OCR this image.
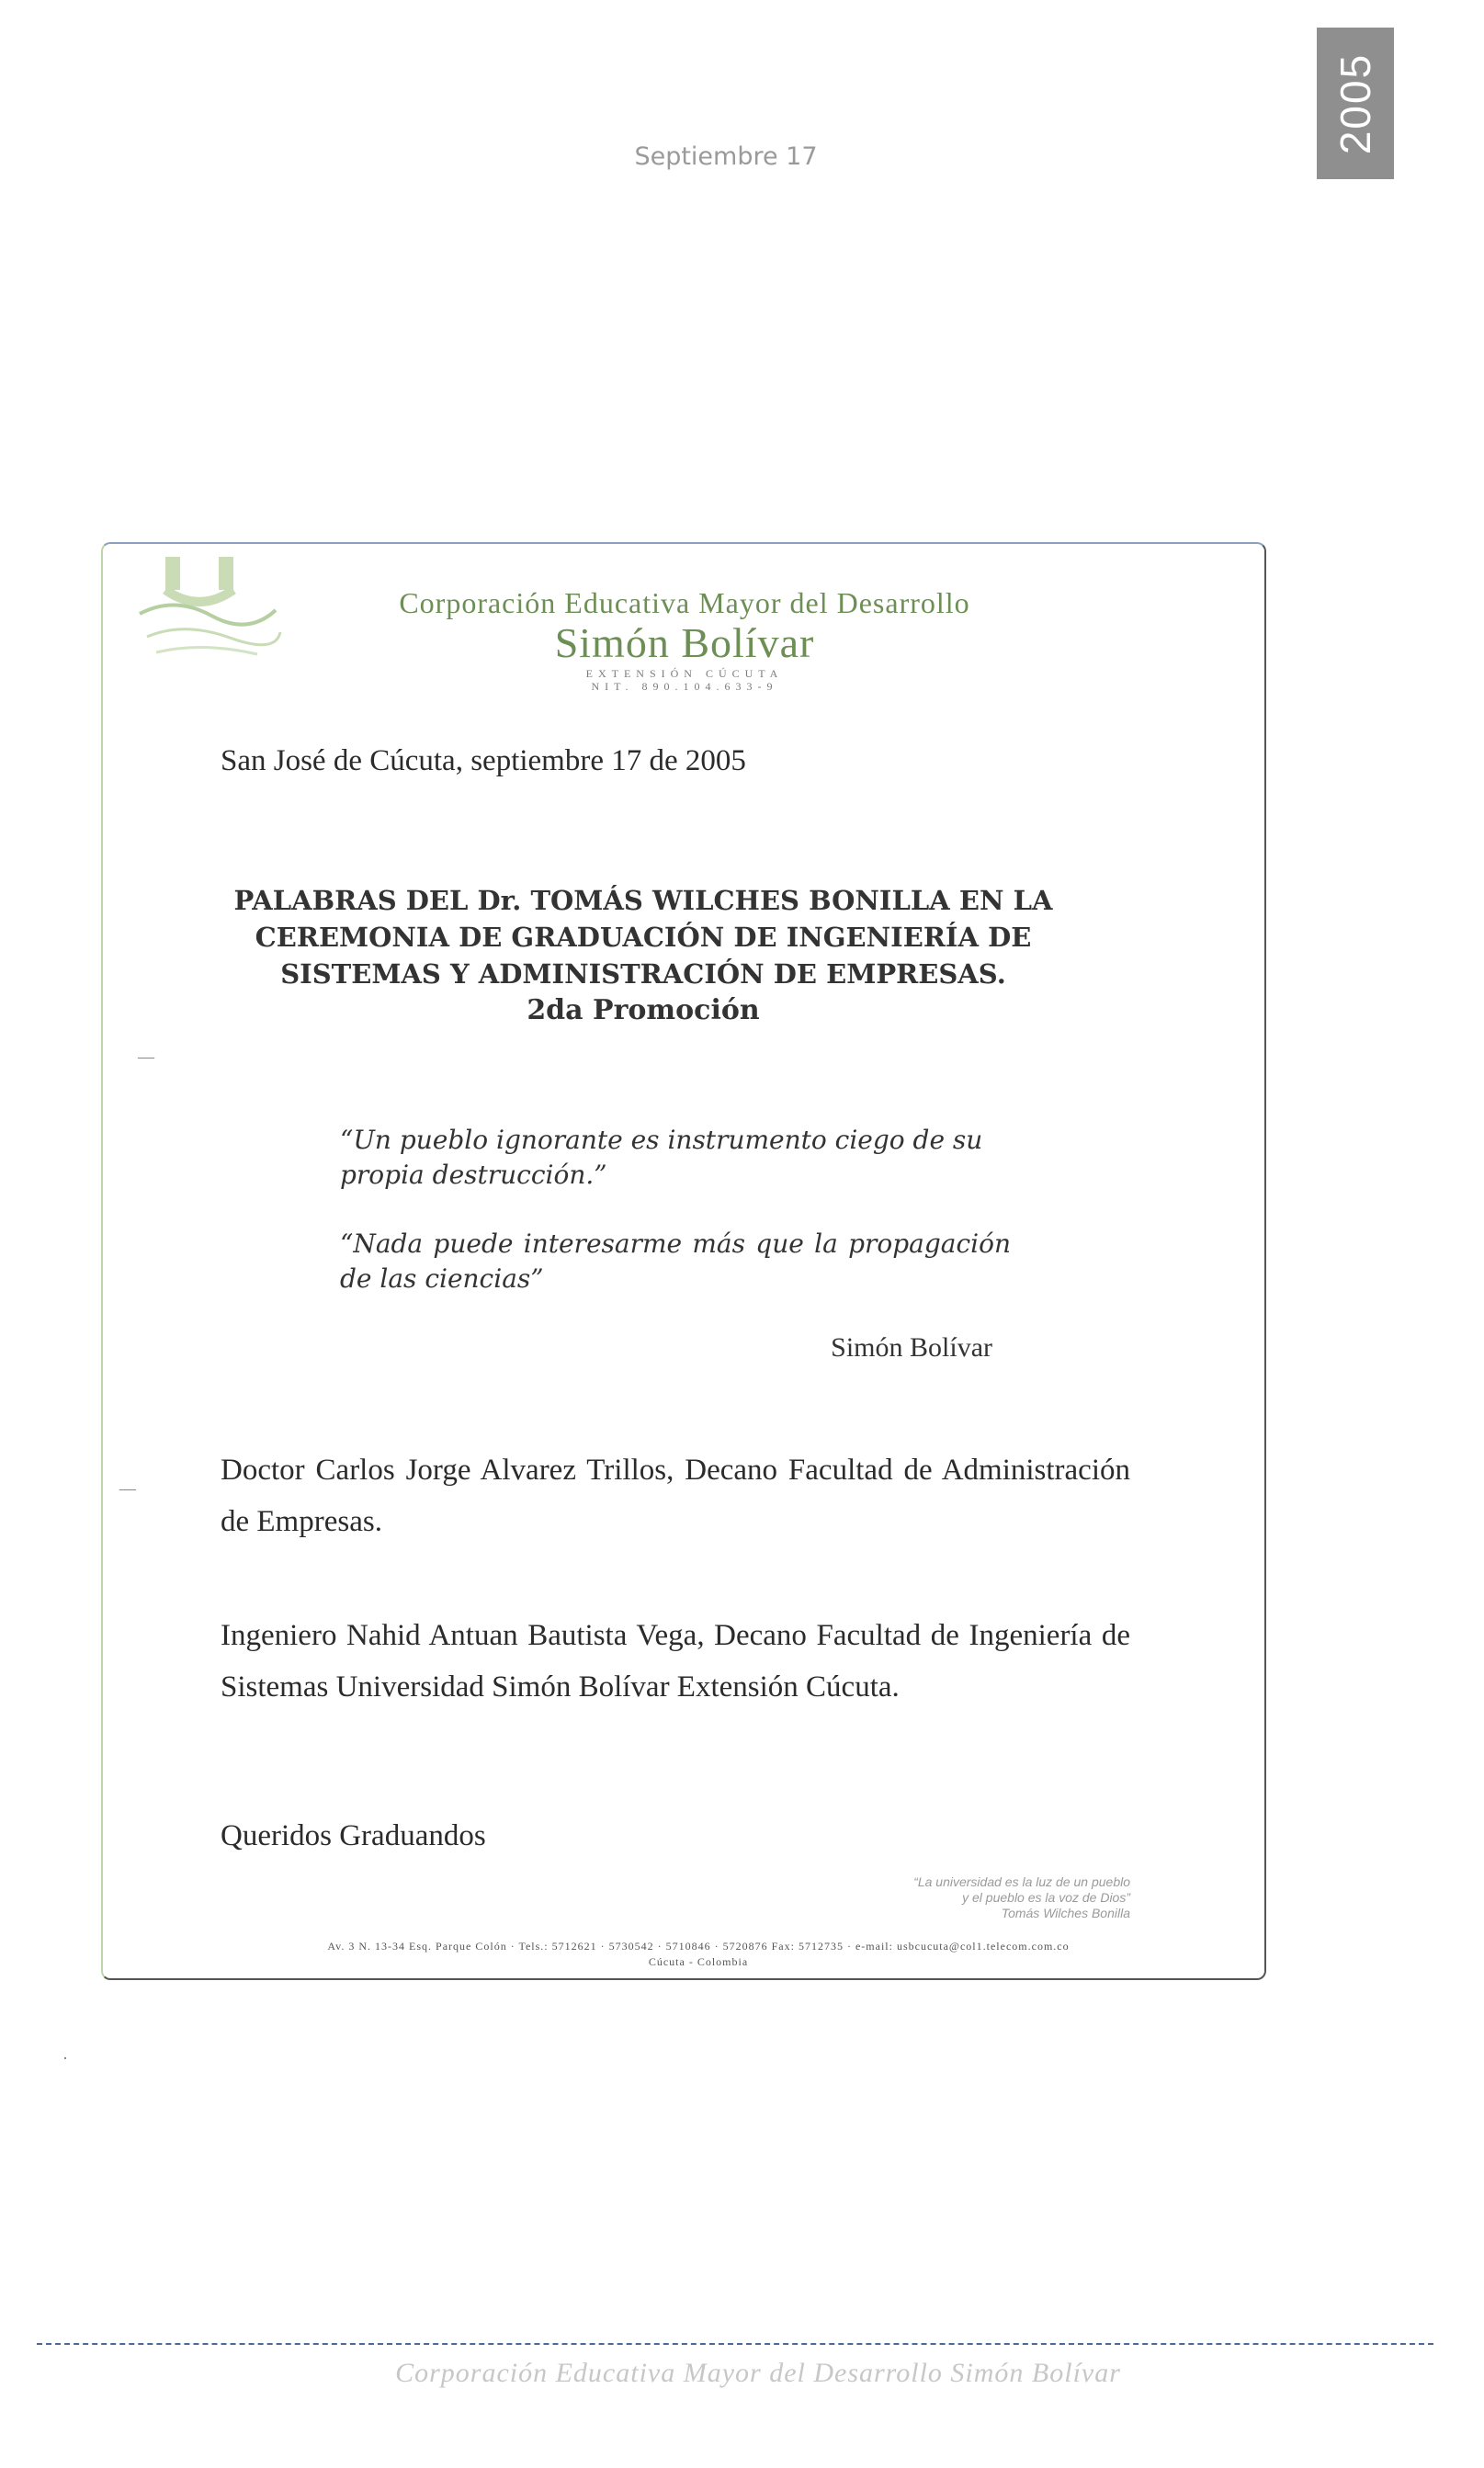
2005
Septiembre 17
Corporación Educativa Mayor del Desarrollo
Simón Bolívar
EXTENSIÓN CÚCUTA
NIT. 890.104.633-9
San José de Cúcuta, septiembre 17 de 2005
PALABRAS DEL Dr. TOMÁS WILCHES BONILLA EN LA
CEREMONIA DE GRADUACIÓN DE INGENIERÍA DE
SISTEMAS Y ADMINISTRACIÓN DE EMPRESAS.
2da Promoción
“Un pueblo ignorante es instrumento ciego de su propia destrucción.”
“Nada puede interesarme más que la propagación de las ciencias”
Simón Bolívar
Doctor Carlos Jorge Alvarez Trillos, Decano Facultad de Administración de Empresas.
Ingeniero Nahid Antuan Bautista Vega, Decano Facultad de Ingeniería de Sistemas Universidad Simón Bolívar Extensión Cúcuta.
Queridos Graduandos
“La universidad es la luz de un pueblo
y el pueblo es la voz de Dios”
Tomás Wilches Bonilla
Av. 3 N. 13-34 Esq. Parque Colón · Tels.: 5712621 · 5730542 · 5710846 · 5720876 Fax: 5712735 · e-mail: usbcucuta@col1.telecom.com.co
Cúcuta - Colombia
—
—
·
Corporación Educativa Mayor del Desarrollo Simón Bolívar
